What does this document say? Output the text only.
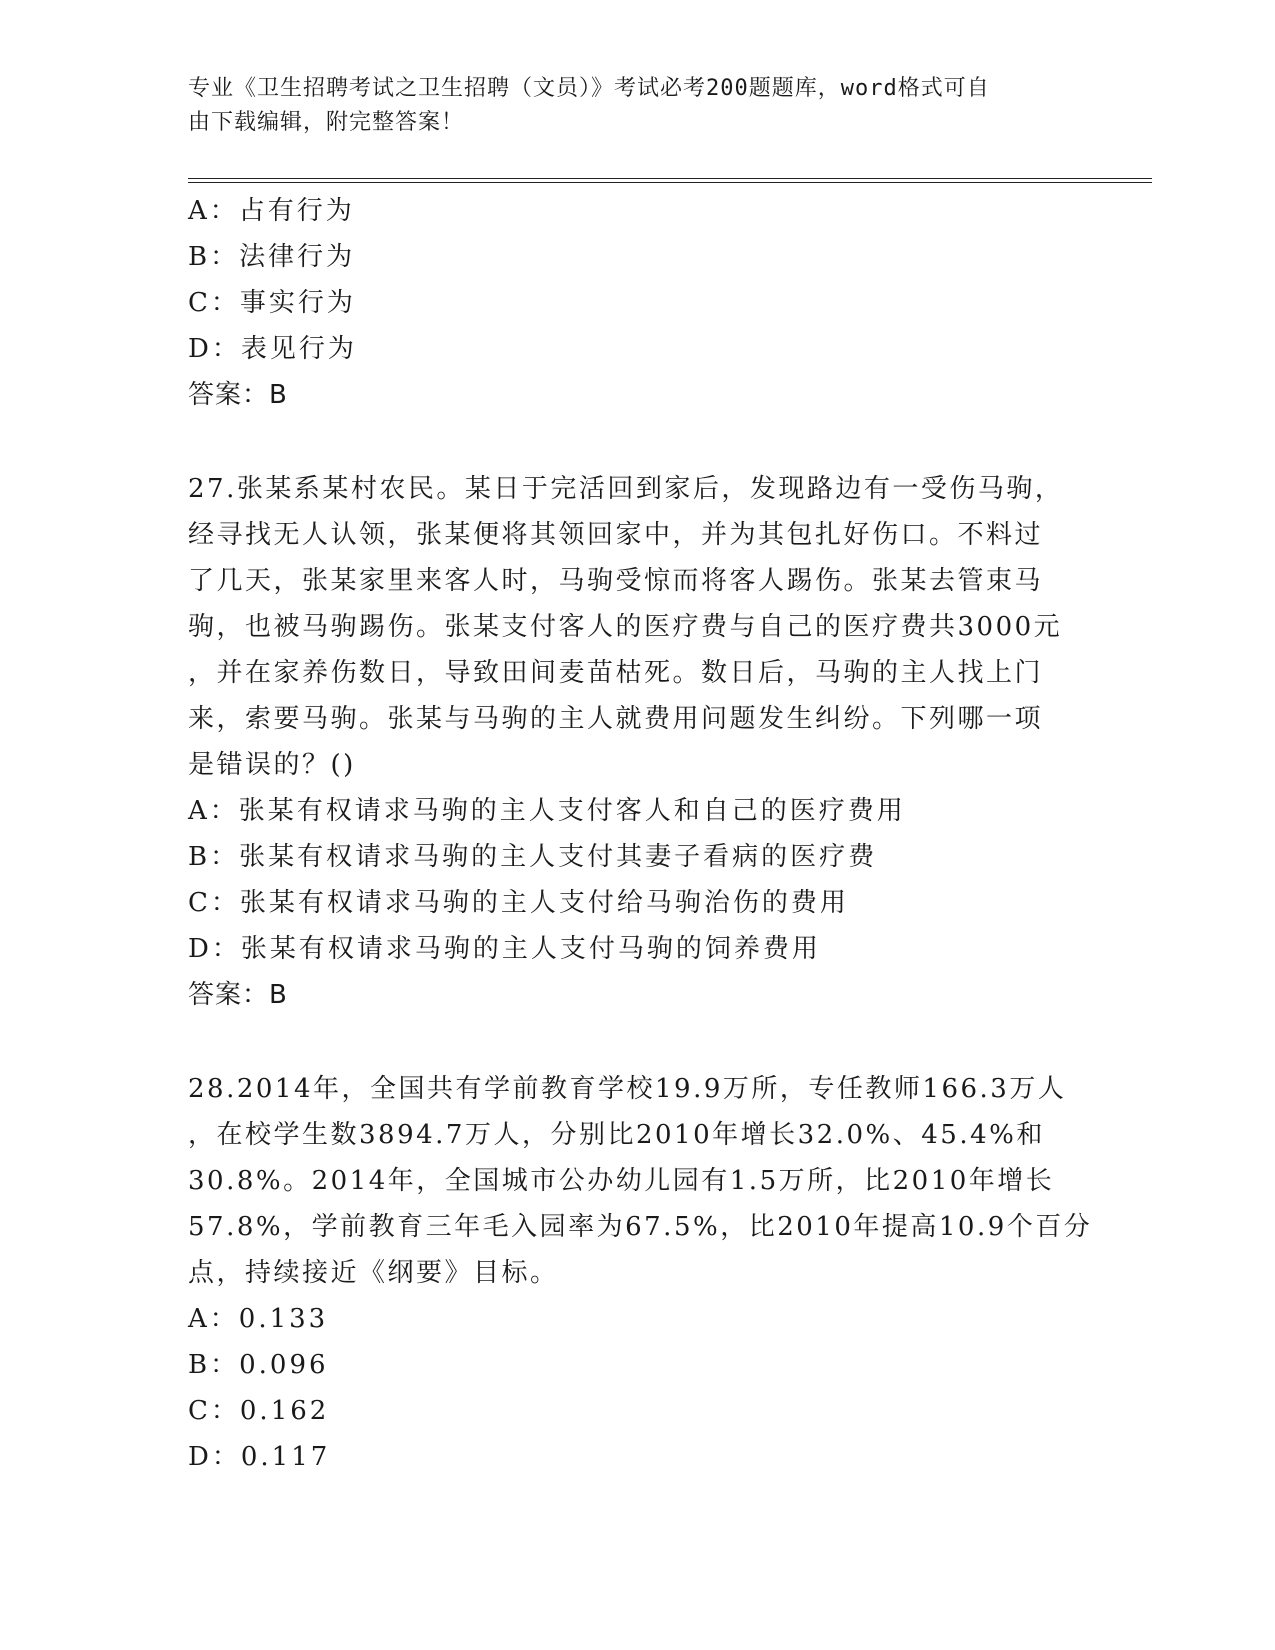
专业《卫生招聘考试之卫生招聘（文员）》考试必考200题题库，word格式可自
由下载编辑，附完整答案！
A：占有行为
B：法律行为
C：事实行为
D：表见行为
答案：B
27.张某系某村农民。某日于完活回到家后，发现路边有一受伤马驹，
经寻找无人认领，张某便将其领回家中，并为其包扎好伤口。不料过
了几天，张某家里来客人时，马驹受惊而将客人踢伤。张某去管束马
驹，也被马驹踢伤。张某支付客人的医疗费与自己的医疗费共3000元
，并在家养伤数日，导致田间麦苗枯死。数日后，马驹的主人找上门
来，索要马驹。张某与马驹的主人就费用问题发生纠纷。下列哪一项
是错误的？()
A：张某有权请求马驹的主人支付客人和自己的医疗费用
B：张某有权请求马驹的主人支付其妻子看病的医疗费
C：张某有权请求马驹的主人支付给马驹治伤的费用
D：张某有权请求马驹的主人支付马驹的饲养费用
答案：B
28.2014年，全国共有学前教育学校19.9万所，专任教师166.3万人
，在校学生数3894.7万人，分别比2010年增长32.0%、45.4%和
30.8%。2014年，全国城市公办幼儿园有1.5万所，比2010年增长
57.8%，学前教育三年毛入园率为67.5%，比2010年提高10.9个百分
点，持续接近《纲要》目标。
A：0.133
B：0.096
C：0.162
D：0.117
